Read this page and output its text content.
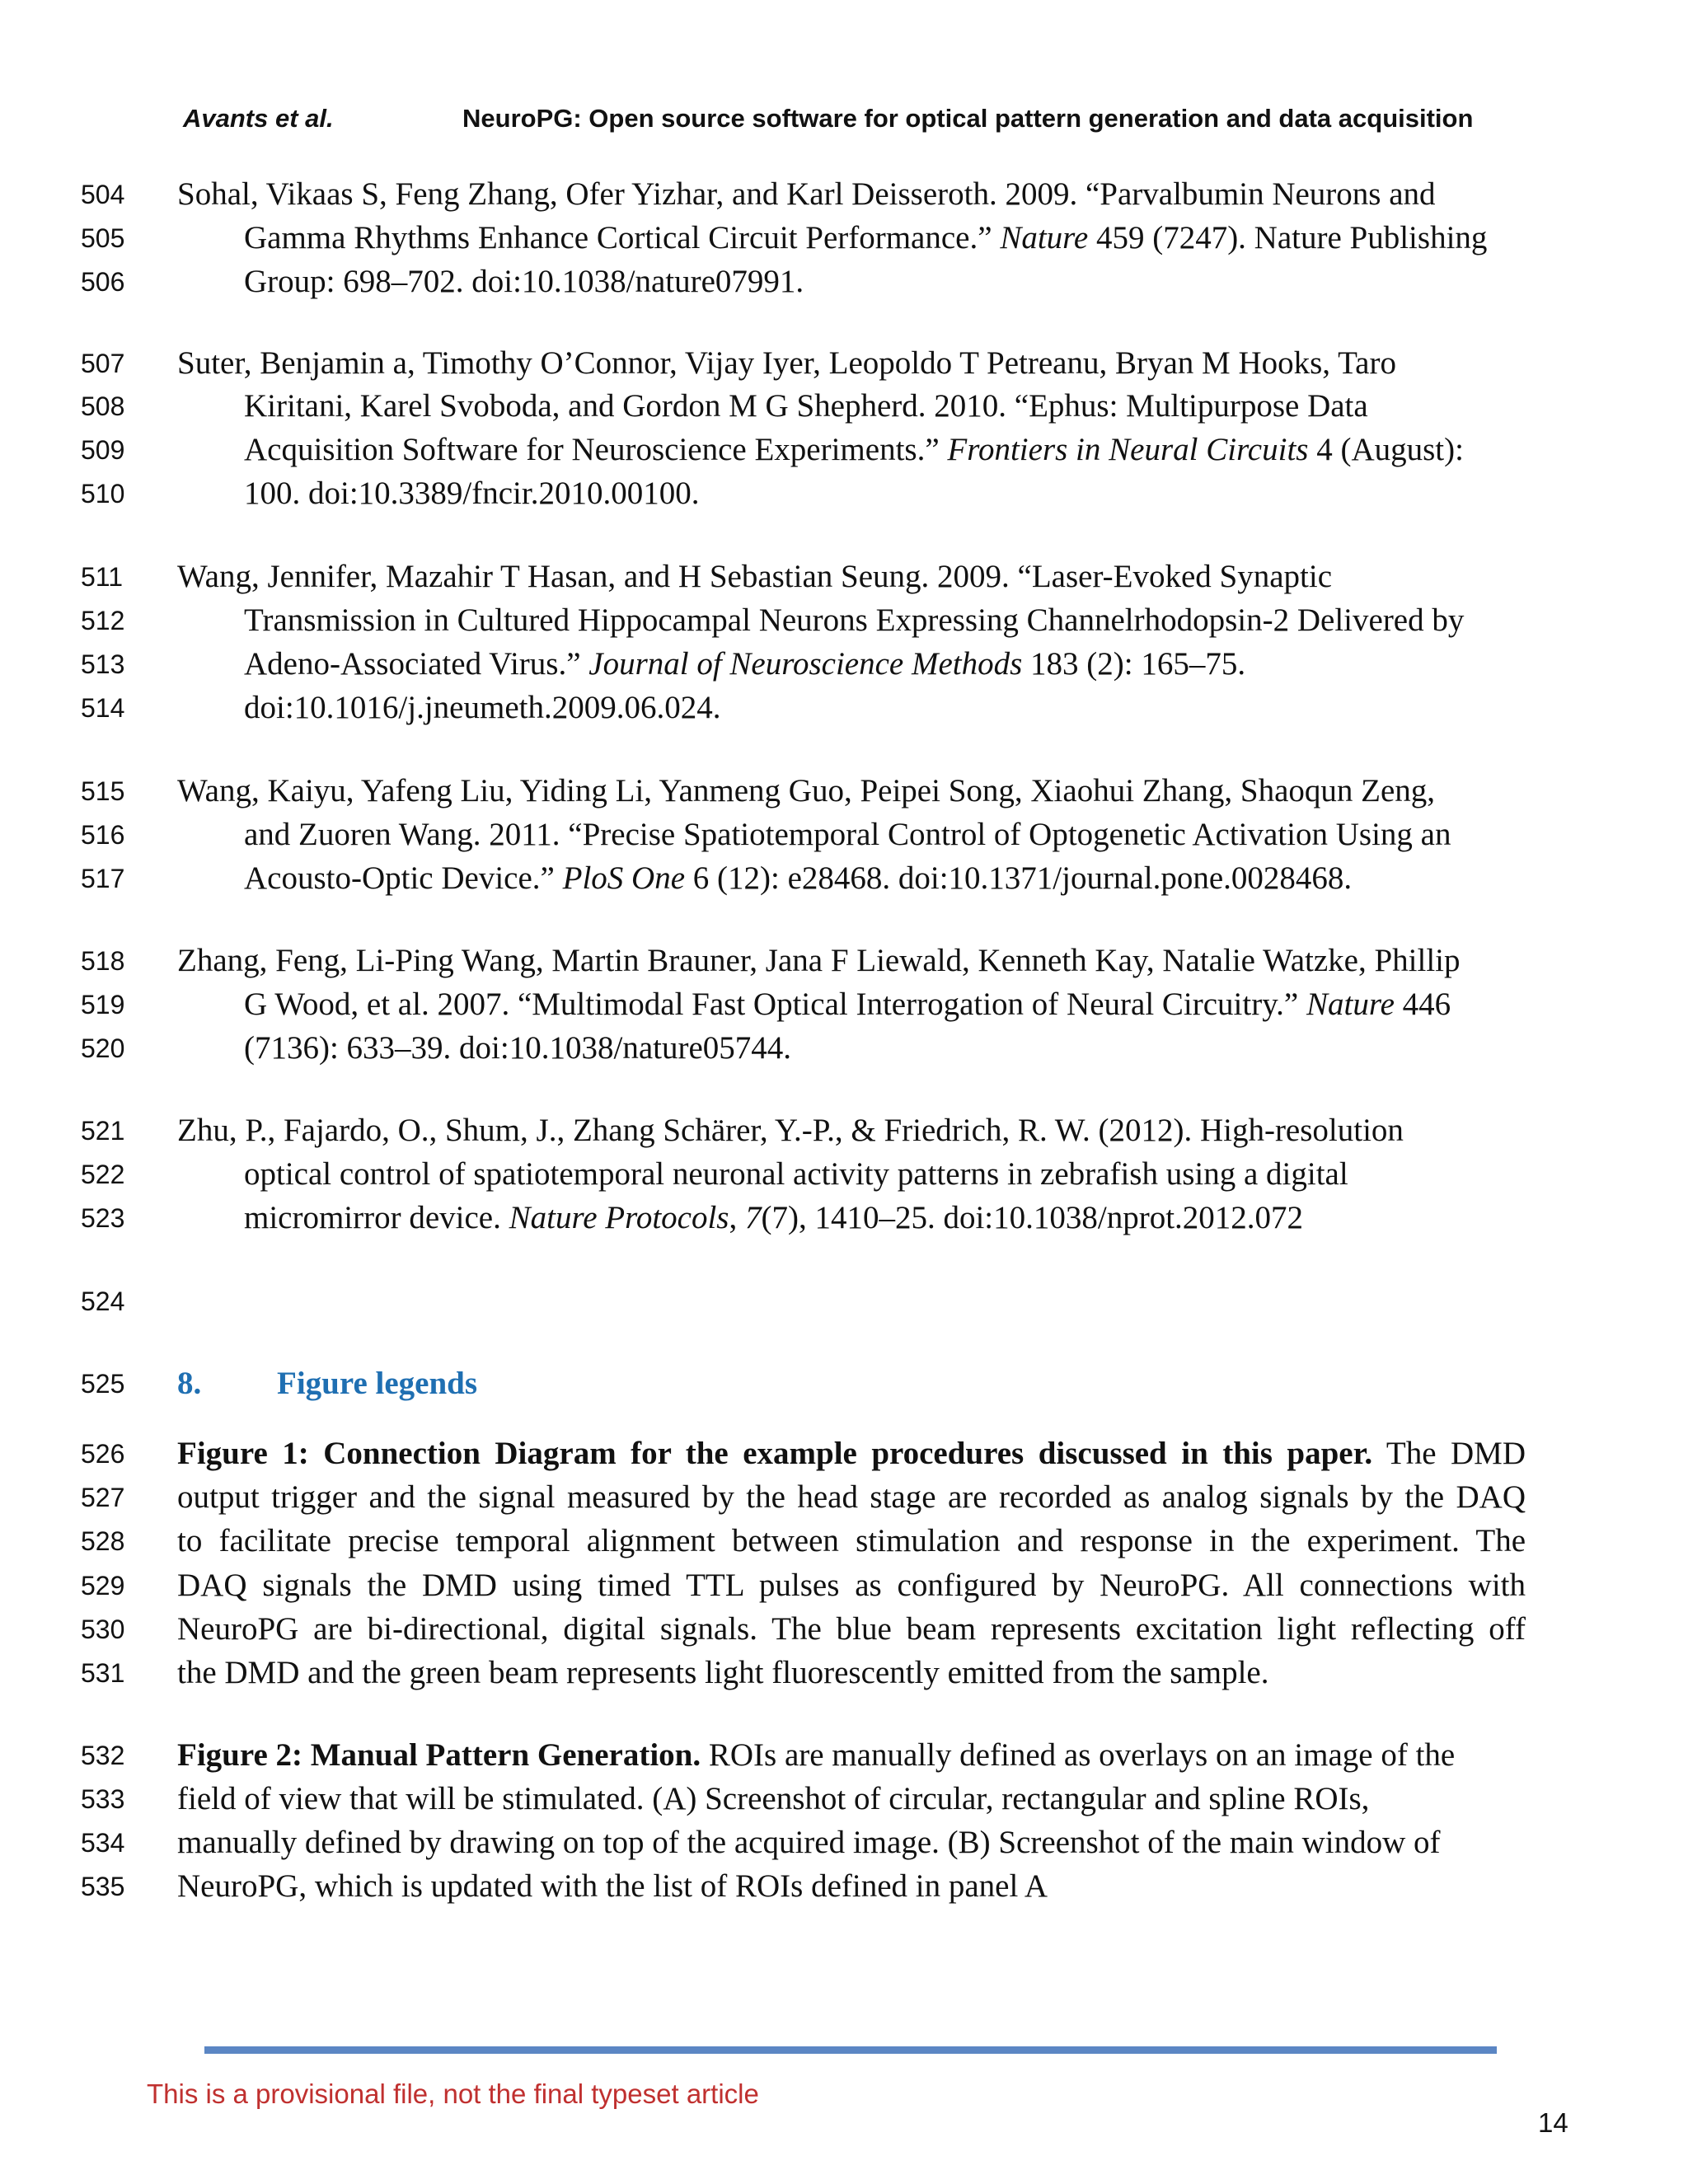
Avants et al.	NeuroPG: Open source software for optical pattern generation and data acquisition
504
505
506
Sohal, Vikaas S, Feng Zhang, Ofer Yizhar, and Karl Deisseroth. 2009. “Parvalbumin Neurons and
Gamma Rhythms Enhance Cortical Circuit Performance.” Nature 459 (7247). Nature Publishing
Group: 698–702. doi:10.1038/nature07991.
507
508
509
510
Suter, Benjamin a, Timothy O’Connor, Vijay Iyer, Leopoldo T Petreanu, Bryan M Hooks, Taro
Kiritani, Karel Svoboda, and Gordon M G Shepherd. 2010. “Ephus: Multipurpose Data
Acquisition Software for Neuroscience Experiments.” Frontiers in Neural Circuits 4 (August):
100. doi:10.3389/fncir.2010.00100.
511
512
513
514
Wang, Jennifer, Mazahir T Hasan, and H Sebastian Seung. 2009. “Laser-Evoked Synaptic
Transmission in Cultured Hippocampal Neurons Expressing Channelrhodopsin-2 Delivered by
Adeno-Associated Virus.” Journal of Neuroscience Methods 183 (2): 165–75.
doi:10.1016/j.jneumeth.2009.06.024.
515
516
517
Wang, Kaiyu, Yafeng Liu, Yiding Li, Yanmeng Guo, Peipei Song, Xiaohui Zhang, Shaoqun Zeng,
and Zuoren Wang. 2011. “Precise Spatiotemporal Control of Optogenetic Activation Using an
Acousto-Optic Device.” PloS One 6 (12): e28468. doi:10.1371/journal.pone.0028468.
518
519
520
Zhang, Feng, Li-Ping Wang, Martin Brauner, Jana F Liewald, Kenneth Kay, Natalie Watzke, Phillip
G Wood, et al. 2007. “Multimodal Fast Optical Interrogation of Neural Circuitry.” Nature 446
(7136): 633–39. doi:10.1038/nature05744.
521
522
523
Zhu, P., Fajardo, O., Shum, J., Zhang Schärer, Y.-P., & Friedrich, R. W. (2012). High-resolution
optical control of spatiotemporal neuronal activity patterns in zebrafish using a digital
micromirror device. Nature Protocols, 7(7), 1410–25. doi:10.1038/nprot.2012.072
524
525	8. Figure legends
526
527
528
529
530
531
Figure 1: Connection Diagram for the example procedures discussed in this paper. The DMD
output trigger and the signal measured by the head stage are recorded as analog signals by the DAQ
to facilitate precise temporal alignment between stimulation and response in the experiment. The
DAQ signals the DMD using timed TTL pulses as configured by NeuroPG. All connections with
NeuroPG are bi-directional, digital signals. The blue beam represents excitation light reflecting off
the DMD and the green beam represents light fluorescently emitted from the sample.
532
533
534
535
Figure 2: Manual Pattern Generation. ROIs are manually defined as overlays on an image of the
field of view that will be stimulated. (A) Screenshot of circular, rectangular and spline ROIs,
manually defined by drawing on top of the acquired image. (B) Screenshot of the main window of
NeuroPG, which is updated with the list of ROIs defined in panel A
This is a provisional file, not the final typeset article
14
